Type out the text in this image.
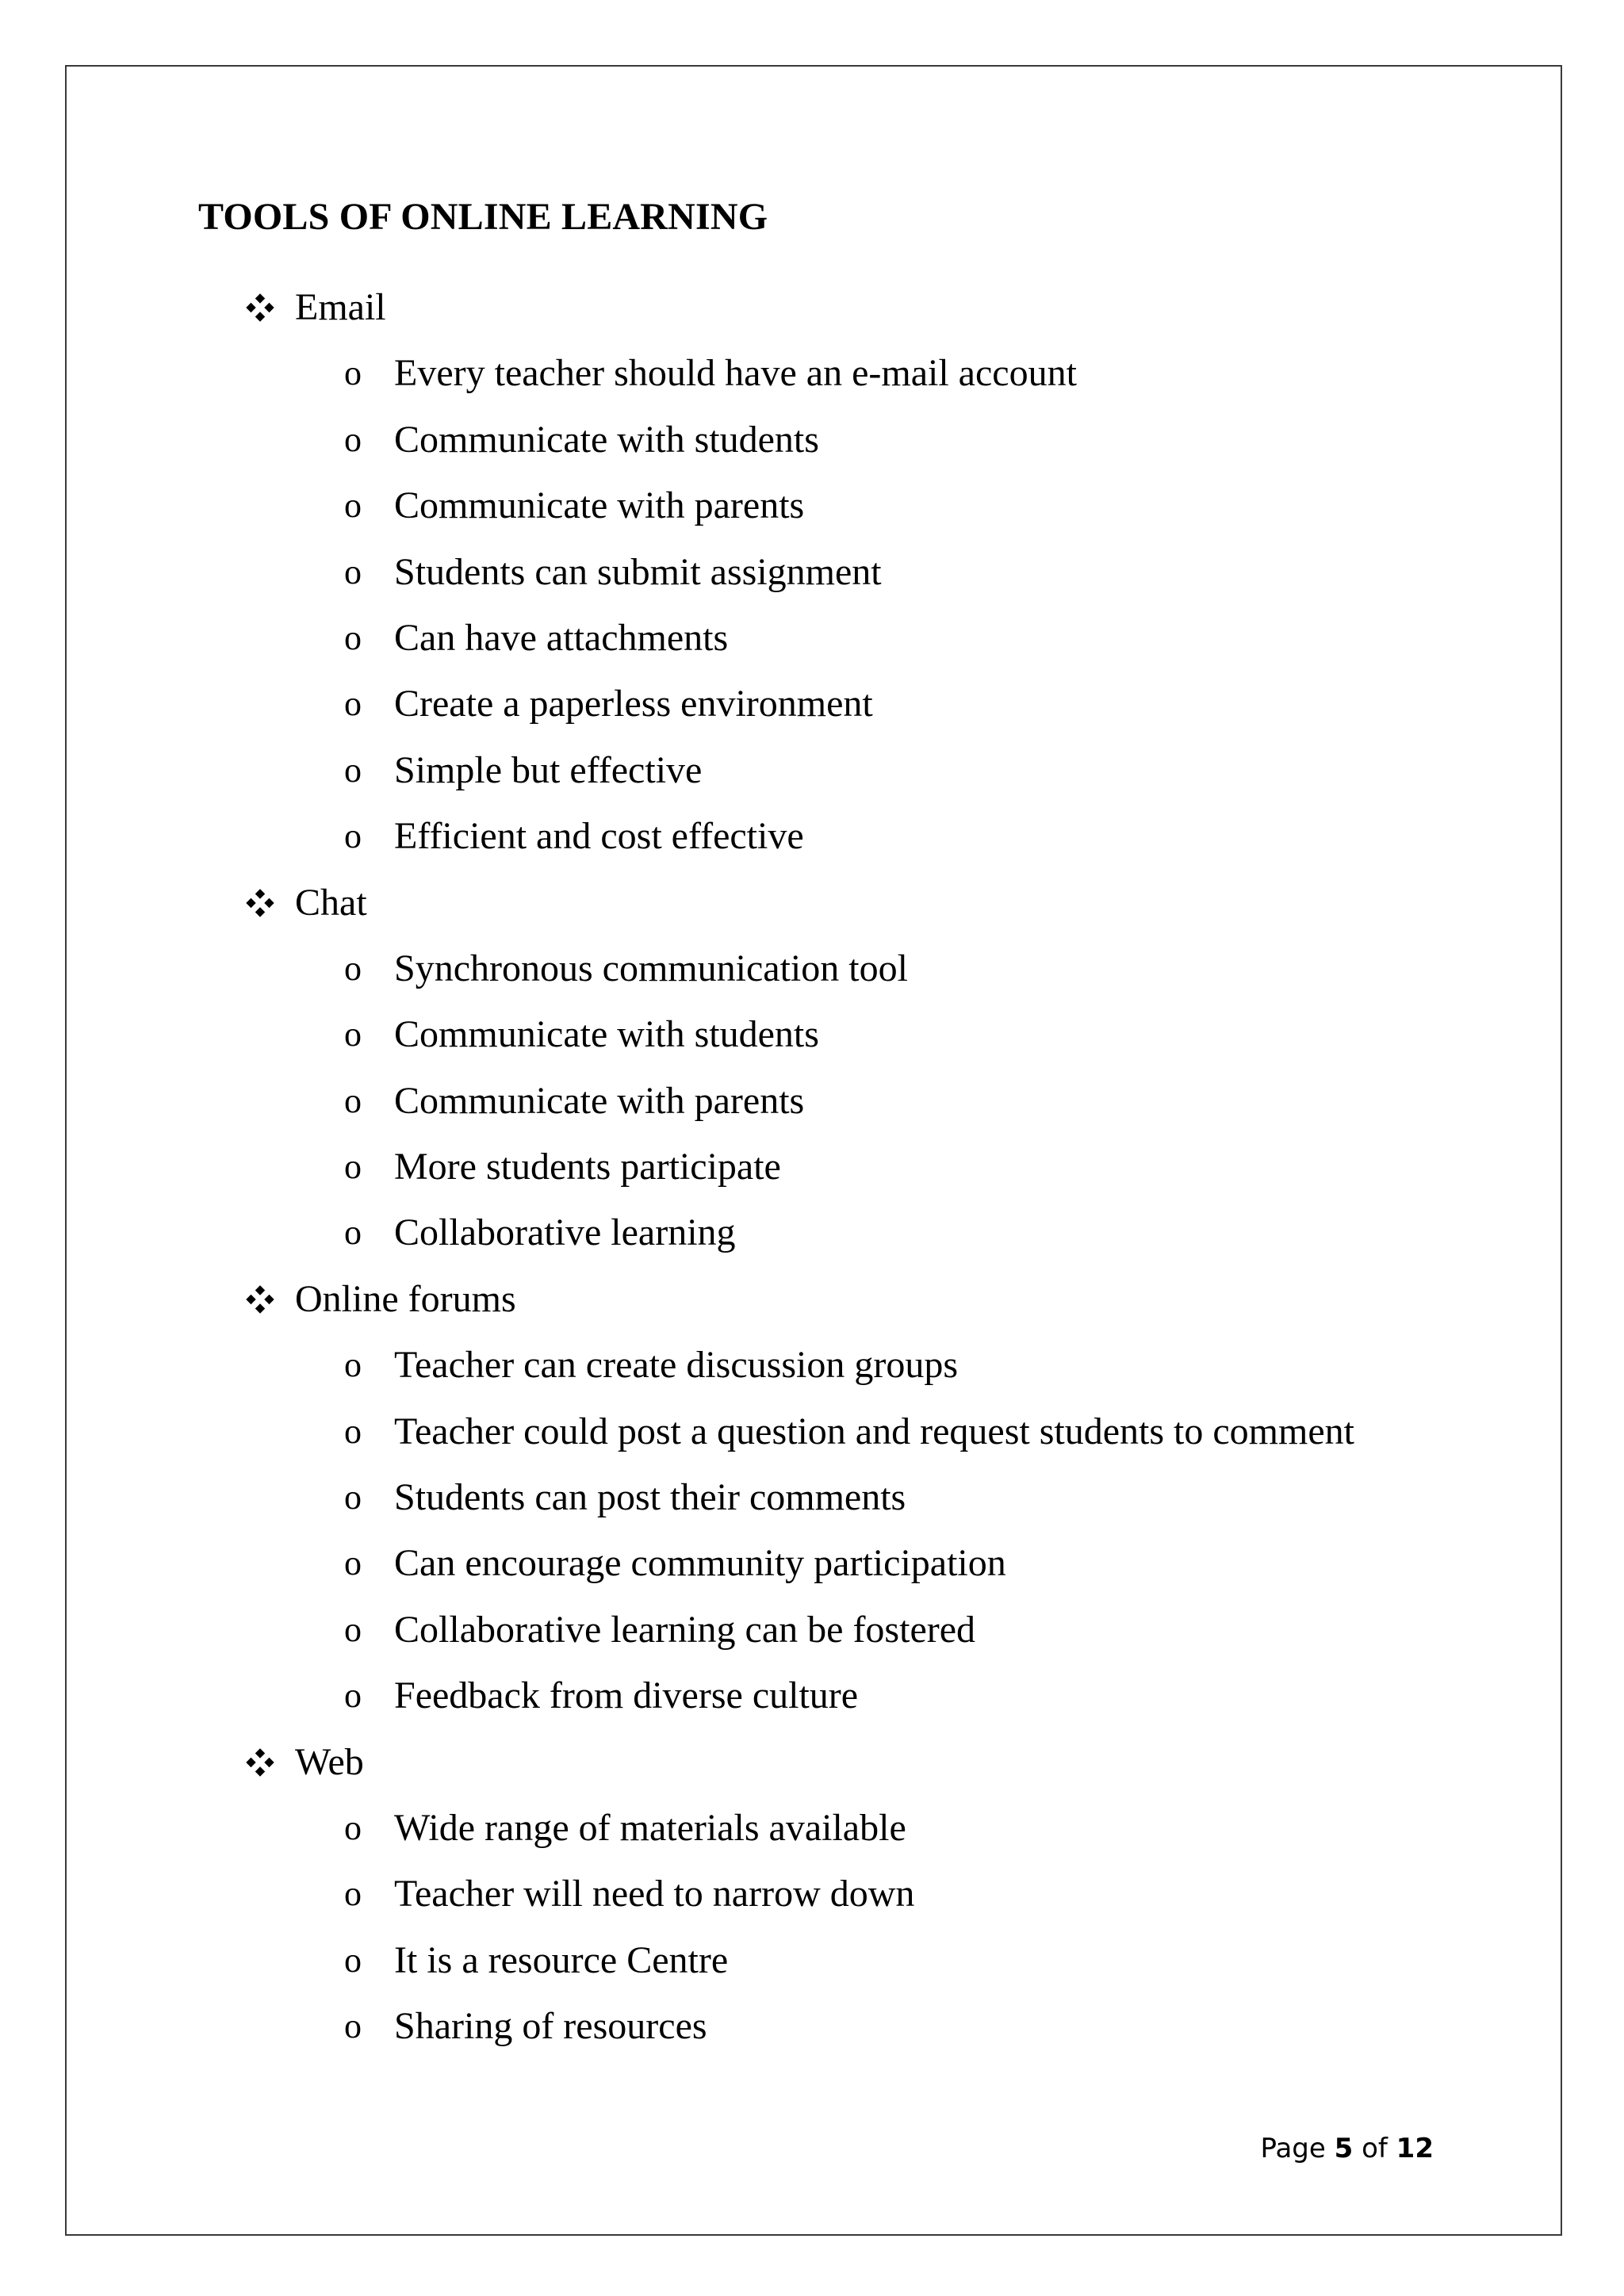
TOOLS OF ONLINE LEARNING
Email
o Every teacher should have an e-mail account
o Communicate with students
o Communicate with parents
o Students can submit assignment
o Can have attachments
o Create a paperless environment
o Simple but effective
o Efficient and cost effective
Chat
o Synchronous communication tool
o Communicate with students
o Communicate with parents
o More students participate
o Collaborative learning
Online forums
o Teacher can create discussion groups
o Teacher could post a question and request students to comment
o Students can post their comments
o Can encourage community participation
o Collaborative learning can be fostered
o Feedback from diverse culture
Web
o Wide range of materials available
o Teacher will need to narrow down
o It is a resource Centre
o Sharing of resources
Page 5 of 12
